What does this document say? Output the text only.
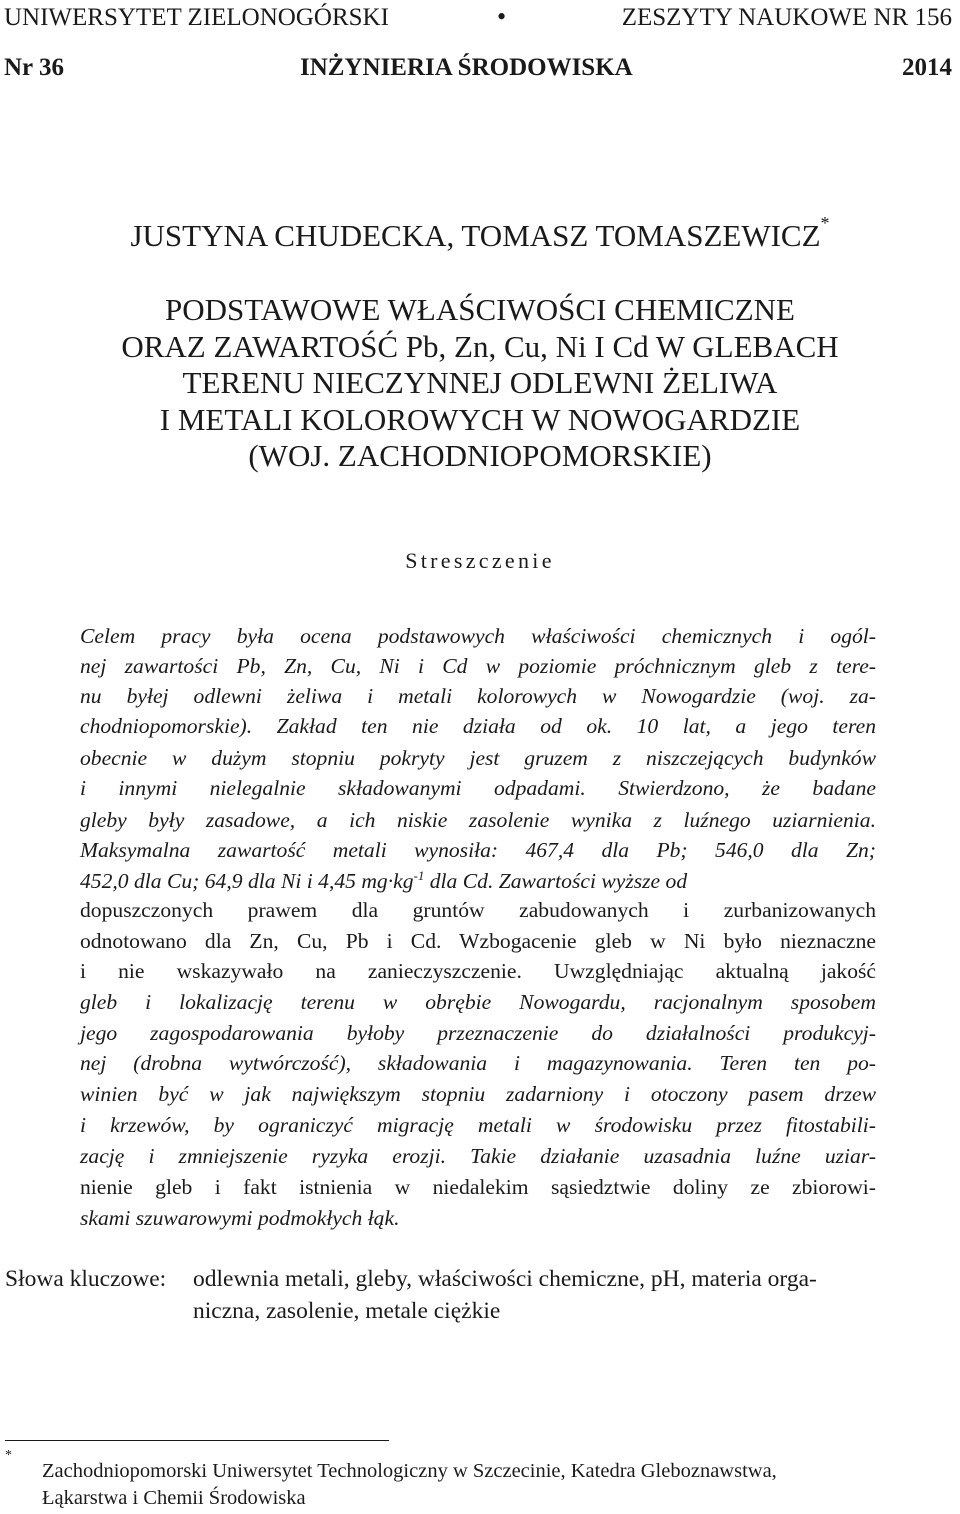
UNIWERSYTET ZIELONOGÓRSKI	•	ZESZYTY NAUKOWE NR 156
Nr 36	INŻYNIERIA ŚRODOWISKA	2014
JUSTYNA CHUDECKA, TOMASZ TOMASZEWICZ*
PODSTAWOWE WŁAŚCIWOŚCI CHEMICZNE
ORAZ ZAWARTOŚĆ Pb, Zn, Cu, Ni I Cd W GLEBACH
TERENU NIECZYNNEJ ODLEWNI ŻELIWA
I METALI KOLOROWYCH W NOWOGARDZIE
(WOJ. ZACHODNIOPOMORSKIE)
Streszczenie
Celem pracy była ocena podstawowych właściwości chemicznych i ogól-
nej zawartości Pb, Zn, Cu, Ni i Cd w poziomie próchnicznym gleb z tere-
nu byłej odlewni żeliwa i metali kolorowych w Nowogardzie (woj. za-
chodniopomorskie). Zakład ten nie działa od ok. 10 lat, a jego teren
obecnie w dużym stopniu pokryty jest gruzem z niszczejących budynków
i innymi nielegalnie składowanymi odpadami. Stwierdzono, że badane
gleby były zasadowe, a ich niskie zasolenie wynika z luźnego uziarnienia.
Maksymalna zawartość metali wynosiła: 467,4 dla Pb; 546,0 dla Zn;
452,0 dla Cu; 64,9 dla Ni i 4,45 $mg\cdot kg^{-1}$ dla Cd. Zawartości wyższe od
dopuszczonych prawem dla gruntów zabudowanych i zurbanizowanych
odnotowano dla Zn, Cu, Pb i Cd. Wzbogacenie gleb w Ni było nieznaczne
i nie wskazywało na zanieczyszczenie. Uwzględniając aktualną jakość
gleb i lokalizację terenu w obrębie Nowogardu, racjonalnym sposobem
jego zagospodarowania byłoby przeznaczenie do działalności produkcyj-
nej (drobna wytwórczość), składowania i magazynowania. Teren ten po-
winien być w jak największym stopniu zadarniony i otoczony pasem drzew
i krzewów, by ograniczyć migrację metali w środowisku przez fitostabili-
zację i zmniejszenie ryzyka erozji. Takie działanie uzasadnia luźne uziar-
nienie gleb i fakt istnienia w niedalekim sąsiedztwie doliny ze zbiorowi-
skami szuwarowymi podmokłych łąk.
Słowa kluczowe: odlewnia metali, gleby, właściwości chemiczne, pH, materia orga-
niczna, zasolenie, metale ciężkie
*
Zachodniopomorski Uniwersytet Technologiczny w Szczecinie, Katedra Gleboznawstwa,
Łąkarstwa i Chemii Środowiska
